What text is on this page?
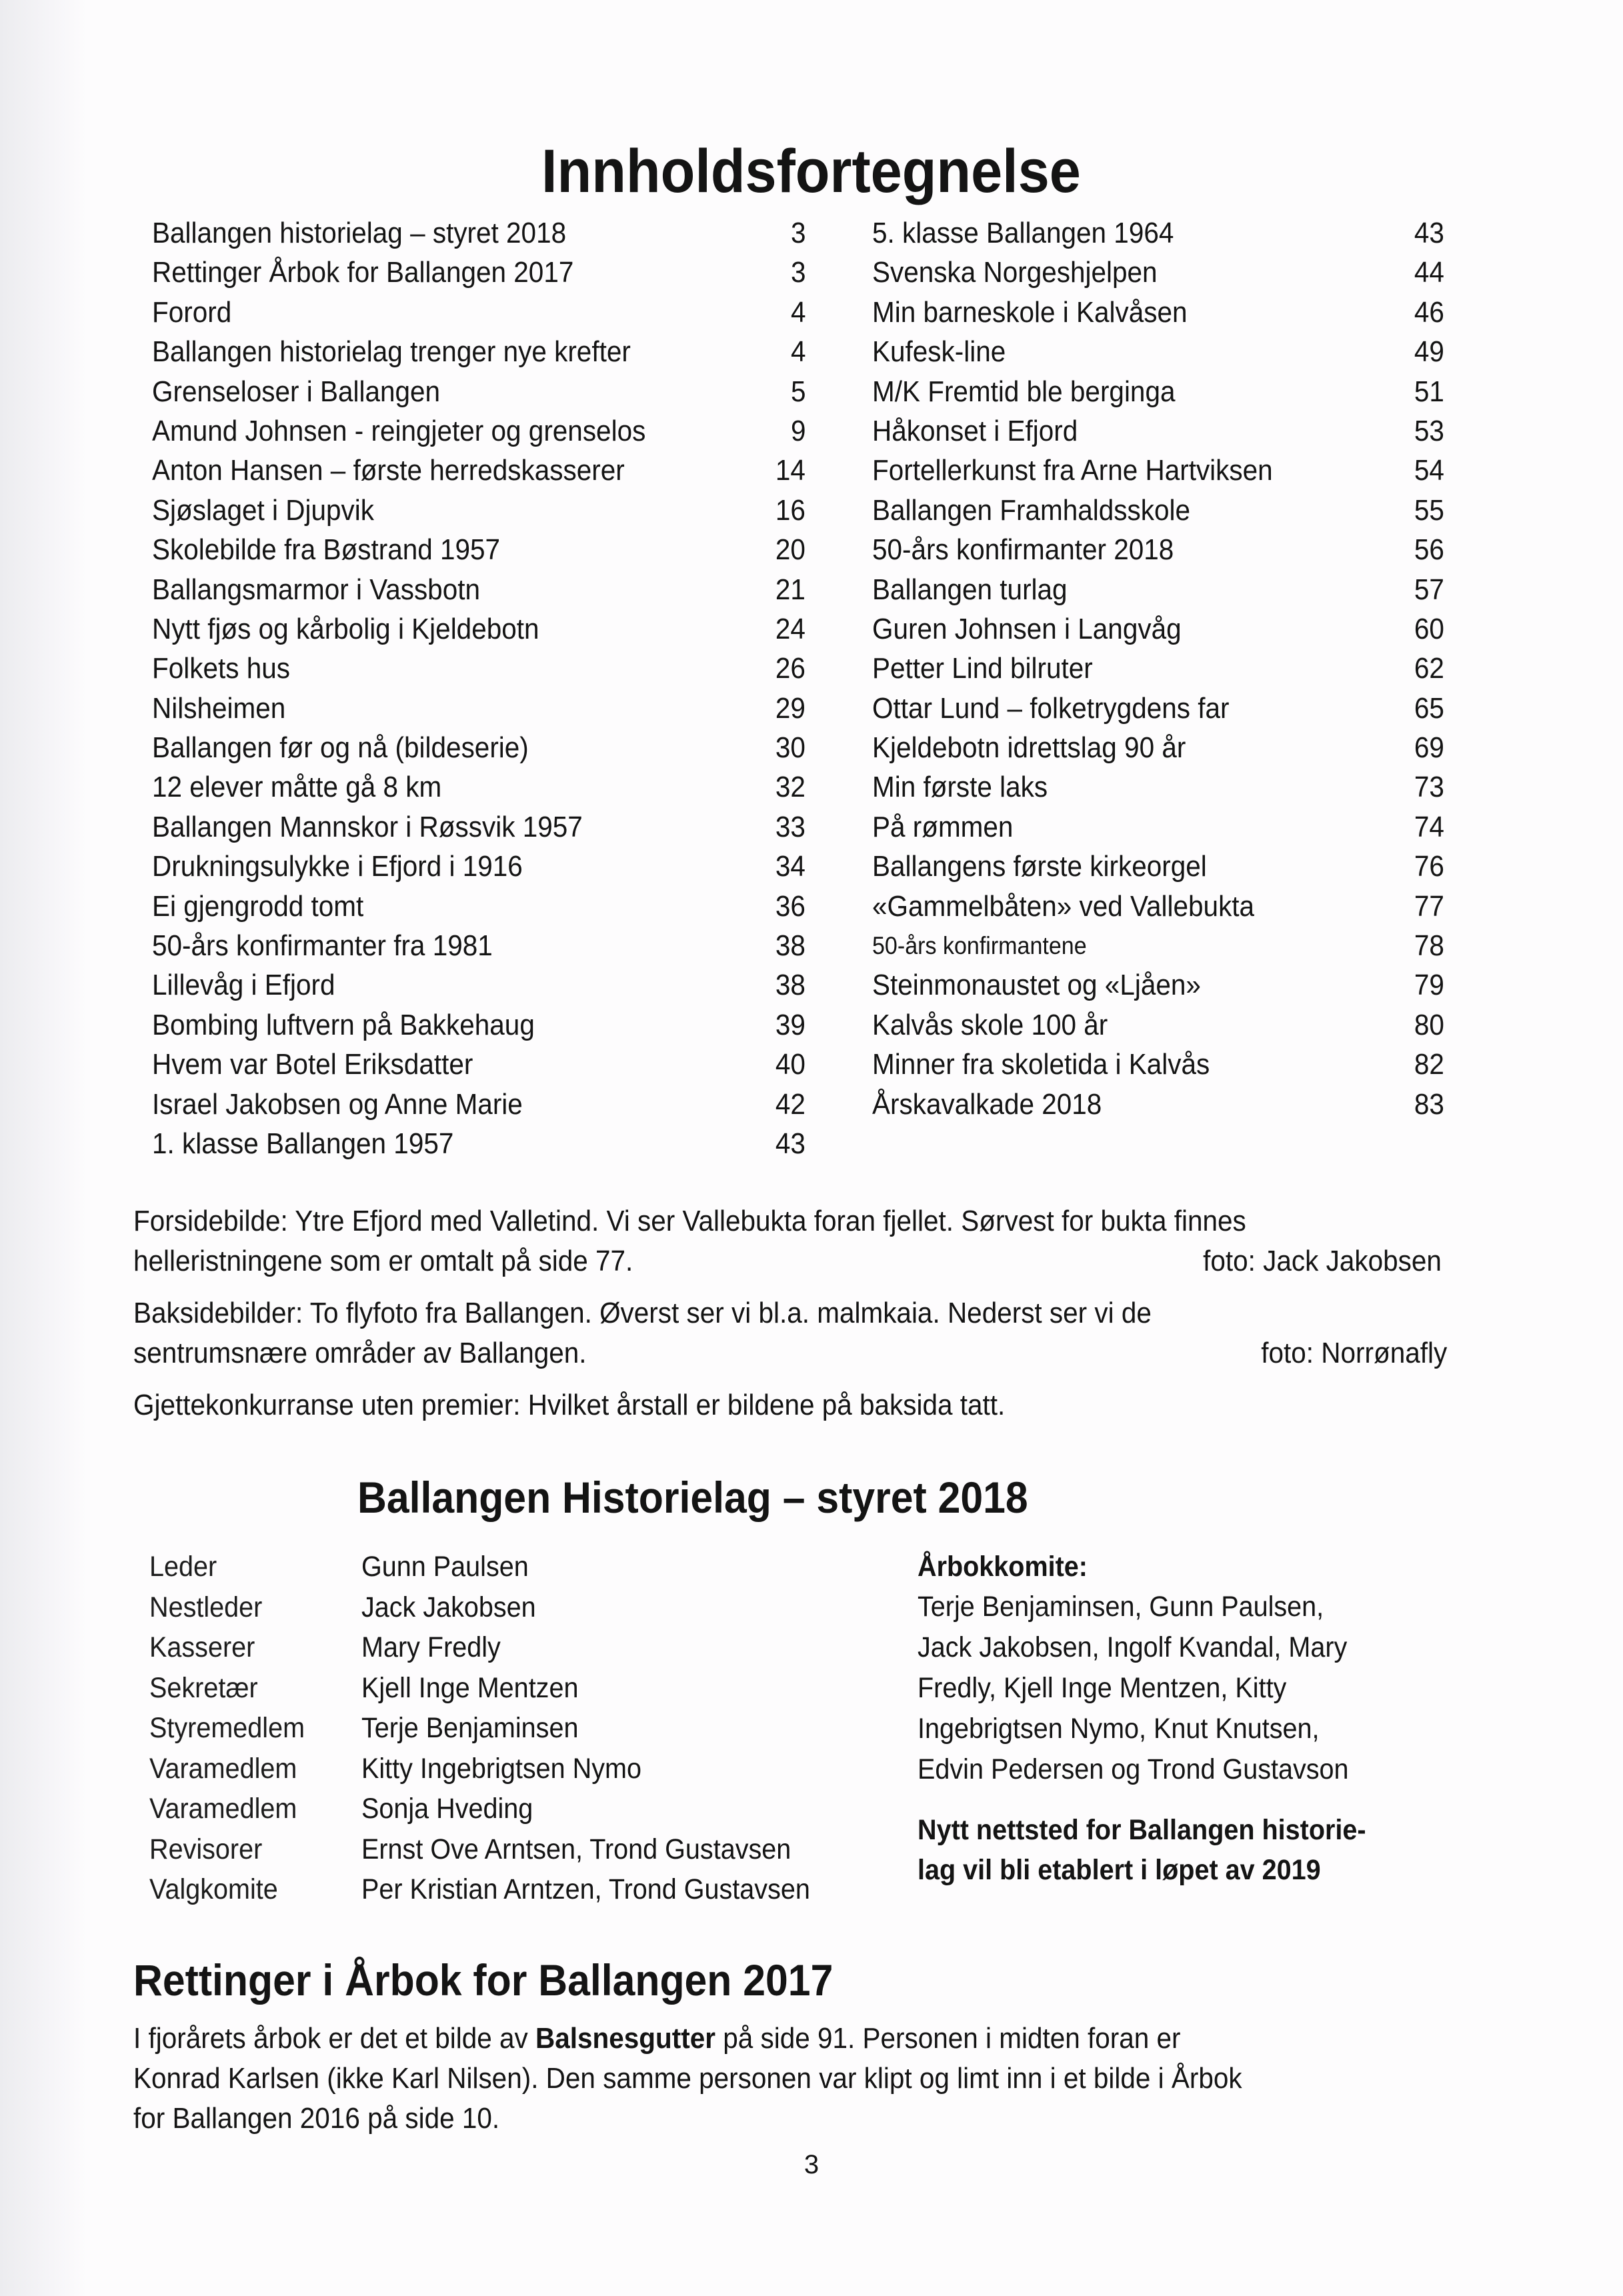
Innholdsfortegnelse
Ballangen historielag – styret 2018	3
Rettinger Årbok for Ballangen 2017	3
Forord	4
Ballangen historielag trenger nye krefter	4
Grenseloser i Ballangen	5
Amund Johnsen - reingjeter og grenselos	9
Anton Hansen – første herredskasserer	14
Sjøslaget i Djupvik	16
Skolebilde fra Bøstrand 1957	20
Ballangsmarmor i Vassbotn	21
Nytt fjøs og kårbolig i Kjeldebotn	24
Folkets hus	26
Nilsheimen	29
Ballangen før og nå (bildeserie)	30
12 elever måtte gå 8 km	32
Ballangen Mannskor i Røssvik 1957	33
Drukningsulykke i Efjord i 1916	34
Ei gjengrodd tomt	36
50-års konfirmanter fra 1981	38
Lillevåg i Efjord	38
Bombing luftvern på Bakkehaug	39
Hvem var Botel Eriksdatter	40
Israel Jakobsen og Anne Marie	42
1. klasse Ballangen 1957	43
5. klasse Ballangen 1964	43
Svenska Norgeshjelpen	44
Min barneskole i Kalvåsen	46
Kufesk-line	49
M/K Fremtid ble berginga	51
Håkonset i Efjord	53
Fortellerkunst fra Arne Hartviksen	54
Ballangen Framhaldsskole	55
50-års konfirmanter 2018	56
Ballangen turlag	57
Guren Johnsen i Langvåg	60
Petter Lind bilruter	62
Ottar Lund – folketrygdens far	65
Kjeldebotn idrettslag 90 år	69
Min første laks	73
På rømmen	74
Ballangens første kirkeorgel	76
«Gammelbåten» ved Vallebukta	77
50-års konfirmantene	78
Steinmonaustet og «Ljåen»	79
Kalvås skole 100 år	80
Minner fra skoletida i Kalvås	82
Årskavalkade 2018	83
Forsidebilde: Ytre Efjord med Valletind. Vi ser Vallebukta foran fjellet. Sørvest for bukta finnes
helleristningene som er omtalt på side 77.	foto: Jack Jakobsen
Baksidebilder: To flyfoto fra Ballangen. Øverst ser vi bl.a. malmkaia. Nederst ser vi de
sentrumsnære områder av Ballangen.	foto: Norrønafly
Gjettekonkurranse uten premier: Hvilket årstall er bildene på baksida tatt.
Ballangen Historielag – styret 2018
Leder	Gunn Paulsen
Nestleder	Jack Jakobsen
Kasserer	Mary Fredly
Sekretær	Kjell Inge Mentzen
Styremedlem Terje Benjaminsen
Varamedlem Kitty Ingebrigtsen Nymo
Varamedlem Sonja Hveding
Revisorer	Ernst Ove Arntsen, Trond Gustavsen
Valgkomite	Per Kristian Arntzen, Trond Gustavsen
Årbokkomite:
Terje Benjaminsen, Gunn Paulsen,
Jack Jakobsen, Ingolf Kvandal, Mary
Fredly, Kjell Inge Mentzen, Kitty
Ingebrigtsen Nymo, Knut Knutsen,
Edvin Pedersen og Trond Gustavson
Nytt nettsted for Ballangen historie-
lag vil bli etablert i løpet av 2019
Rettinger i Årbok for Ballangen 2017
I fjorårets årbok er det et bilde av Balsnesgutter på side 91. Personen i midten foran er
Konrad Karlsen (ikke Karl Nilsen). Den samme personen var klipt og limt inn i et bilde i Årbok
for Ballangen 2016 på side 10.
3
